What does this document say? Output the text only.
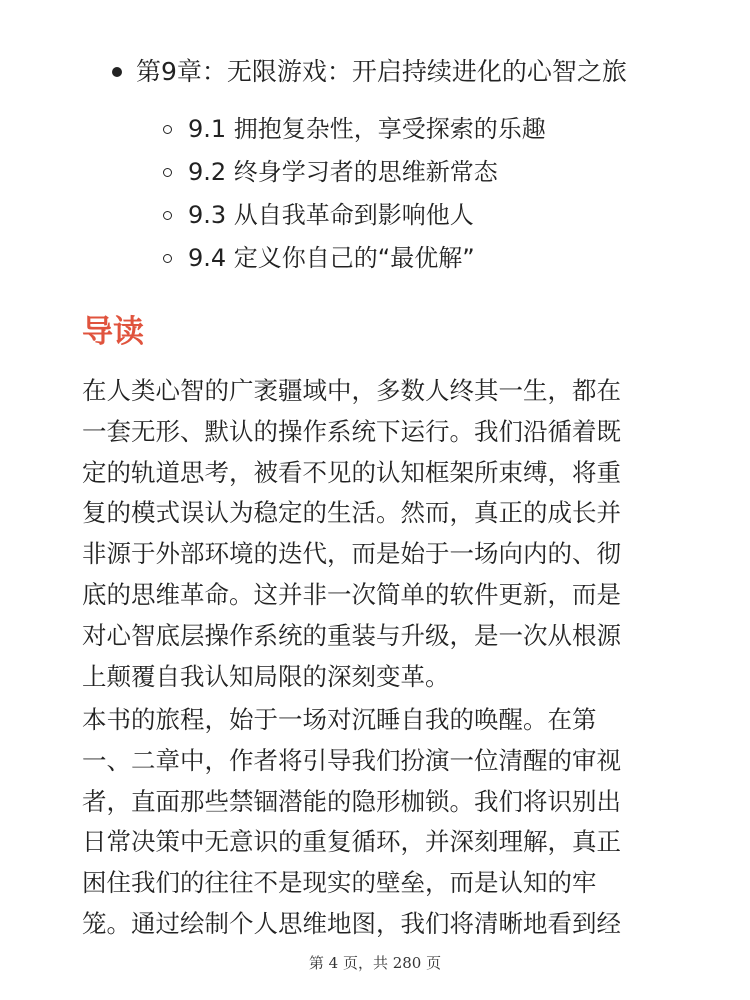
第9章：无限游戏：开启持续进化的心智之旅
9.1 拥抱复杂性，享受探索的乐趣
9.2 终身学习者的思维新常态
9.3 从自我革命到影响他人
9.4 定义你自己的“最优解”
导读

在人类心智的广袤疆域中，多数人终其一生，都在

一套无形、默认的操作系统下运行。我们沿循着既

定的轨道思考，被看不见的认知框架所束缚，将重

复的模式误认为稳定的生活。然而，真正的成长并

非源于外部环境的迭代，而是始于一场向内的、彻

底的思维革命。这并非一次简单的软件更新，而是

对心智底层操作系统的重装与升级，是一次从根源

上颠覆自我认知局限的深刻变革。

本书的旅程，始于一场对沉睡自我的唤醒。在第

一、二章中，作者将引导我们扮演一位清醒的审视

者，直面那些禁锢潜能的隐形枷锁。我们将识别出

日常决策中无意识的重复循环，并深刻理解，真正

困住我们的往往不是现实的壁垒，而是认知的牢

笼。通过绘制个人思维地图，我们将清晰地看到经

第 4 页，共 280 页
